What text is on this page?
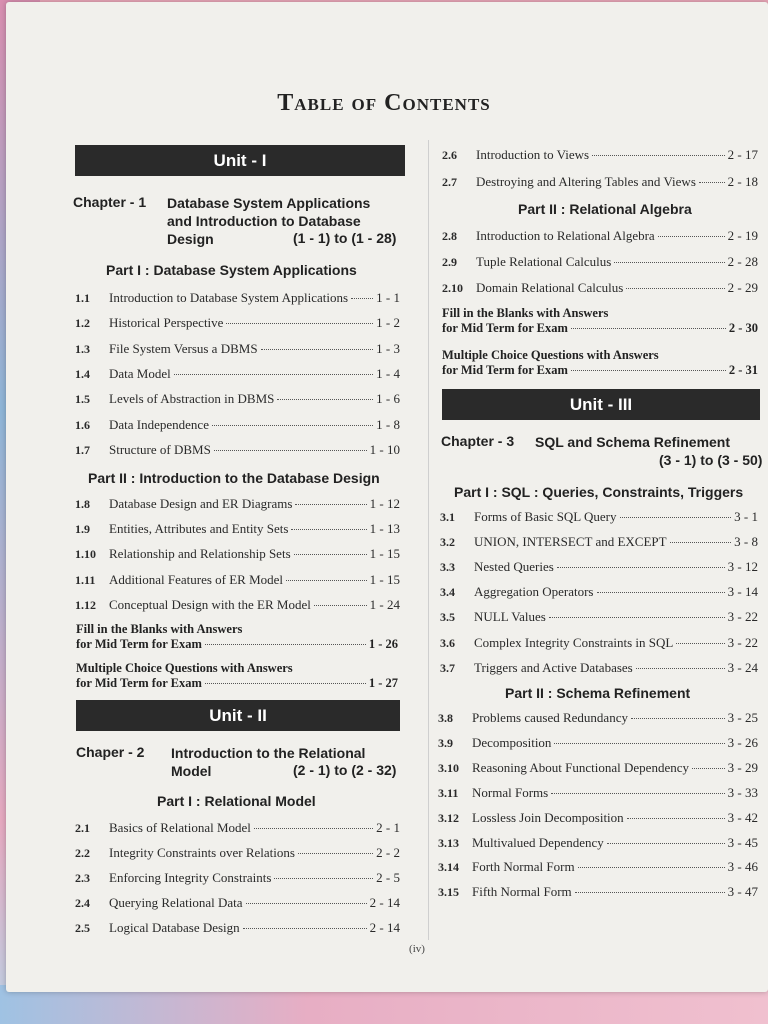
Table of Contents
Unit - I
Chapter - 1 Database System Applications
and Introduction to Database
Design	(1 - 1) to (1 - 28)
Part I : Database System Applications
1.1	Introduction to Database System Applications 1 - 1
1.2	Historical Perspective	1 - 2
1.3	File System Versus a DBMS	1 - 3
1.4	Data Model	1 - 4
1.5	Levels of Abstraction in DBMS	1 - 6
1.6	Data Independence	1 - 8
1.7	Structure of DBMS	1 - 10
Part II : Introduction to the Database Design
1.8	Database Design and ER Diagrams	1 - 12
1.9	Entities, Attributes and Entity Sets	1 - 13
1.10	Relationship and Relationship Sets	1 - 15
1.11	Additional Features of ER Model	1 - 15
1.12	Conceptual Design with the ER Model	1 - 24
Fill in the Blanks with Answers
for Mid Term for Exam	1 - 26
Multiple Choice Questions with Answers
for Mid Term for Exam	1 - 27
Unit - II
Chaper - 2 Introduction to the Relational
Model	(2 - 1) to (2 - 32)
Part I : Relational Model
2.1	Basics of Relational Model	2 - 1
2.2	Integrity Constraints over Relations	2 - 2
2.3	Enforcing Integrity Constraints	2 - 5
2.4	Querying Relational Data	2 - 14
2.5	Logical Database Design	2 - 14
2.6	Introduction to Views	2 - 17
2.7	Destroying and Altering Tables and Views 2 - 18
Part II : Relational Algebra
2.8	Introduction to Relational Algebra	2 - 19
2.9	Tuple Relational Calculus	2 - 28
2.10	Domain Relational Calculus	2 - 29
Fill in the Blanks with Answers
for Mid Term for Exam	2 - 30
Multiple Choice Questions with Answers
for Mid Term for Exam	2 - 31
Unit - III
Chapter - 3 SQL and Schema Refinement
(3 - 1) to (3 - 50)
Part I : SQL : Queries, Constraints, Triggers
3.1	Forms of Basic SQL Query	3 - 1
3.2	UNION, INTERSECT and EXCEPT	3 - 8
3.3	Nested Queries	3 - 12
3.4	Aggregation Operators	3 - 14
3.5	NULL Values	3 - 22
3.6	Complex Integrity Constraints in SQL	3 - 22
3.7	Triggers and Active Databases	3 - 24
Part II : Schema Refinement
3.8	Problems caused Redundancy	3 - 25
3.9	Decomposition	3 - 26
3.10	Reasoning About Functional Dependency	3 - 29
3.11	Normal Forms	3 - 33
3.12	Lossless Join Decomposition	3 - 42
3.13	Multivalued Dependency	3 - 45
3.14	Forth Normal Form	3 - 46
3.15	Fifth Normal Form	3 - 47
(iv)
